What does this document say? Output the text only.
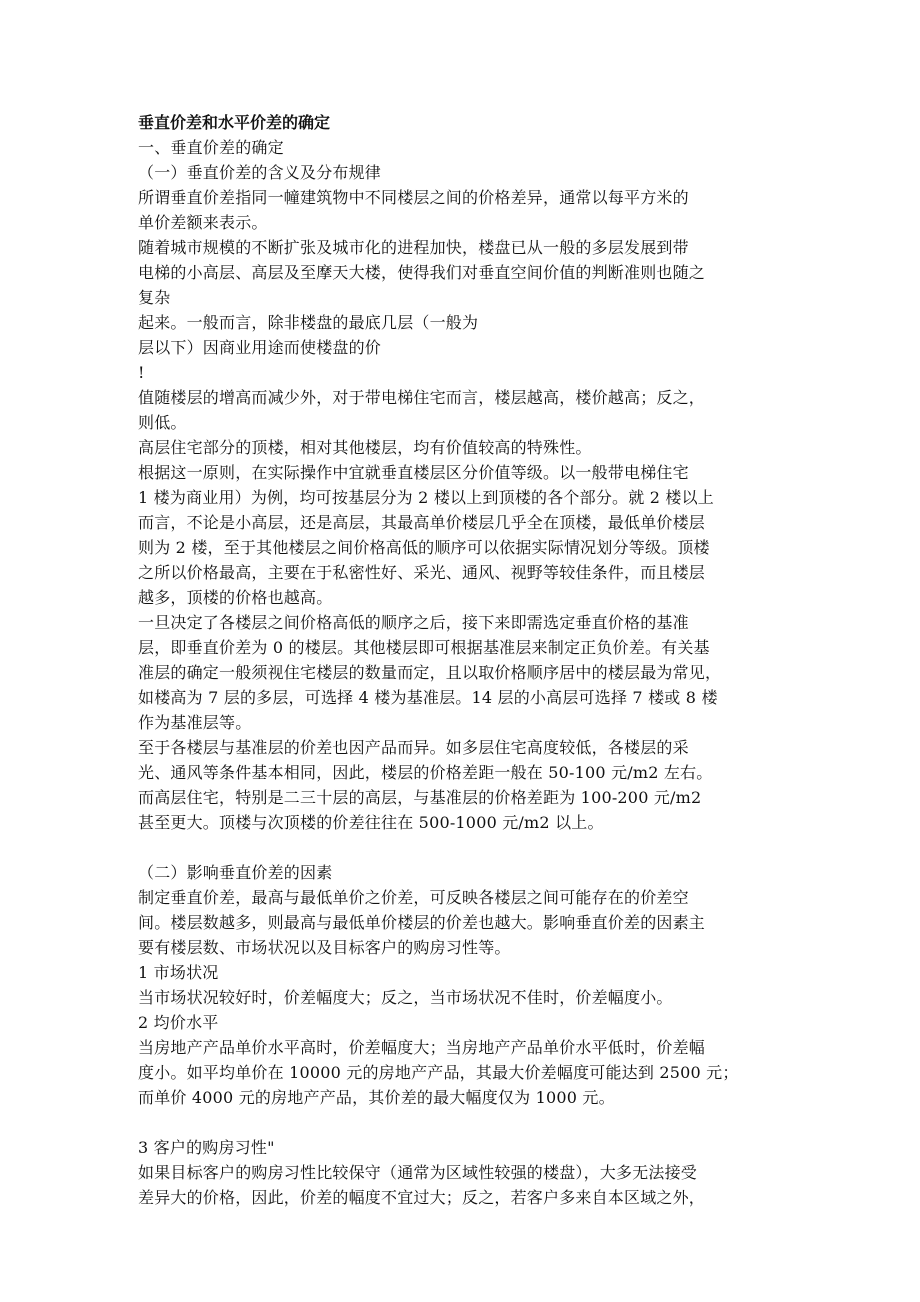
垂直价差和水平价差的确定
一、垂直价差的确定
（一）垂直价差的含义及分布规律
所谓垂直价差指同一幢建筑物中不同楼层之间的价格差异，通常以每平方米的
单价差额来表示。
随着城市规模的不断扩张及城市化的进程加快，楼盘已从一般的多层发展到带
电梯的小高层、高层及至摩天大楼，使得我们对垂直空间价值的判断准则也随之
复杂
起来。一般而言，除非楼盘的最底几层（一般为
层以下）因商业用途而使楼盘的价
!
值随楼层的增高而减少外，对于带电梯住宅而言，楼层越高，楼价越高；反之，
则低。
高层住宅部分的顶楼，相对其他楼层，均有价值较高的特殊性。
根据这一原则，在实际操作中宜就垂直楼层区分价值等级。以一般带电梯住宅
1 楼为商业用）为例，均可按基层分为 2 楼以上到顶楼的各个部分。就 2 楼以上
而言，不论是小高层，还是高层，其最高单价楼层几乎全在顶楼，最低单价楼层
则为 2 楼，至于其他楼层之间价格高低的顺序可以依据实际情况划分等级。顶楼
之所以价格最高，主要在于私密性好、采光、通风、视野等较佳条件，而且楼层
越多，顶楼的价格也越高。
一旦决定了各楼层之间价格高低的顺序之后，接下来即需选定垂直价格的基准
层，即垂直价差为 0 的楼层。其他楼层即可根据基准层来制定正负价差。有关基
准层的确定一般须视住宅楼层的数量而定，且以取价格顺序居中的楼层最为常见，
如楼高为 7 层的多层，可选择 4 楼为基准层。14 层的小高层可选择 7 楼或 8 楼
作为基准层等。
至于各楼层与基准层的价差也因产品而异。如多层住宅高度较低，各楼层的采
光、通风等条件基本相同，因此，楼层的价格差距一般在 50-100 元/m2 左右。
而高层住宅，特别是二三十层的高层，与基准层的价格差距为 100-200 元/m2
甚至更大。顶楼与次顶楼的价差往往在 500-1000 元/m2 以上。
（二）影响垂直价差的因素
制定垂直价差，最高与最低单价之价差，可反映各楼层之间可能存在的价差空
间。楼层数越多，则最高与最低单价楼层的价差也越大。影响垂直价差的因素主
要有楼层数、市场状况以及目标客户的购房习性等。
1 市场状况
当市场状况较好时，价差幅度大；反之，当市场状况不佳时，价差幅度小。
2 均价水平
当房地产产品单价水平高时，价差幅度大；当房地产产品单价水平低时，价差幅
度小。如平均单价在 10000 元的房地产产品，其最大价差幅度可能达到 2500 元；
而单价 4000 元的房地产产品，其价差的最大幅度仅为 1000 元。
3 客户的购房习性"
如果目标客户的购房习性比较保守（通常为区域性较强的楼盘），大多无法接受
差异大的价格，因此，价差的幅度不宜过大；反之，若客户多来自本区域之外，
